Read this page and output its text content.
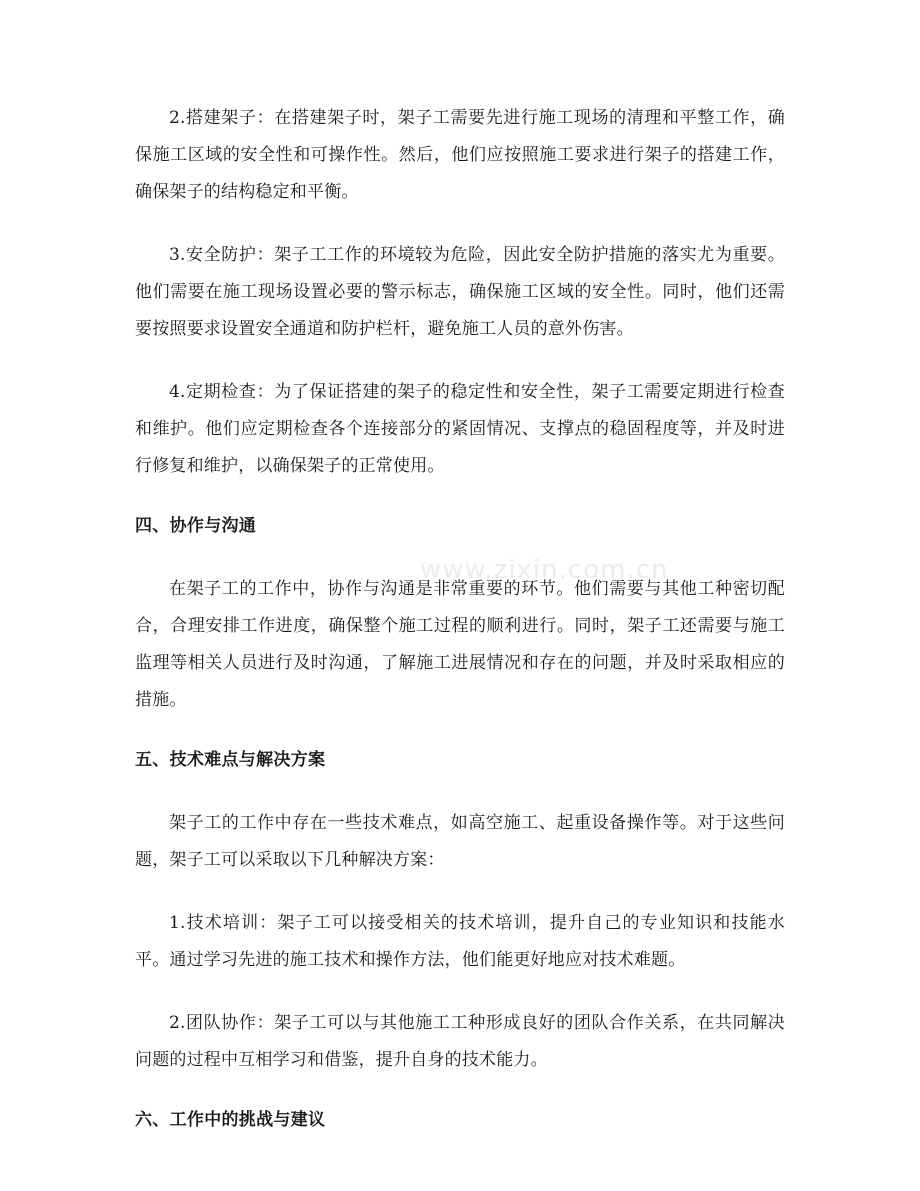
2.搭建架子：在搭建架子时，架子工需要先进行施工现场的清理和平整工作，确保施工区域的安全性和可操作性。然后，他们应按照施工要求进行架子的搭建工作，确保架子的结构稳定和平衡。

3.安全防护：架子工工作的环境较为危险，因此安全防护措施的落实尤为重要。他们需要在施工现场设置必要的警示标志，确保施工区域的安全性。同时，他们还需要按照要求设置安全通道和防护栏杆，避免施工人员的意外伤害。

4.定期检查：为了保证搭建的架子的稳定性和安全性，架子工需要定期进行检查和维护。他们应定期检查各个连接部分的紧固情况、支撑点的稳固程度等，并及时进行修复和维护，以确保架子的正常使用。

四、协作与沟通

在架子工的工作中，协作与沟通是非常重要的环节。他们需要与其他工种密切配合，合理安排工作进度，确保整个施工过程的顺利进行。同时，架子工还需要与施工监理等相关人员进行及时沟通，了解施工进展情况和存在的问题，并及时采取相应的措施。

五、技术难点与解决方案

架子工的工作中存在一些技术难点，如高空施工、起重设备操作等。对于这些问题，架子工可以采取以下几种解决方案：

1.技术培训：架子工可以接受相关的技术培训，提升自己的专业知识和技能水平。通过学习先进的施工技术和操作方法，他们能更好地应对技术难题。

2.团队协作：架子工可以与其他施工工种形成良好的团队合作关系，在共同解决问题的过程中互相学习和借鉴，提升自身的技术能力。

六、工作中的挑战与建议
www.zixin.com.cn
